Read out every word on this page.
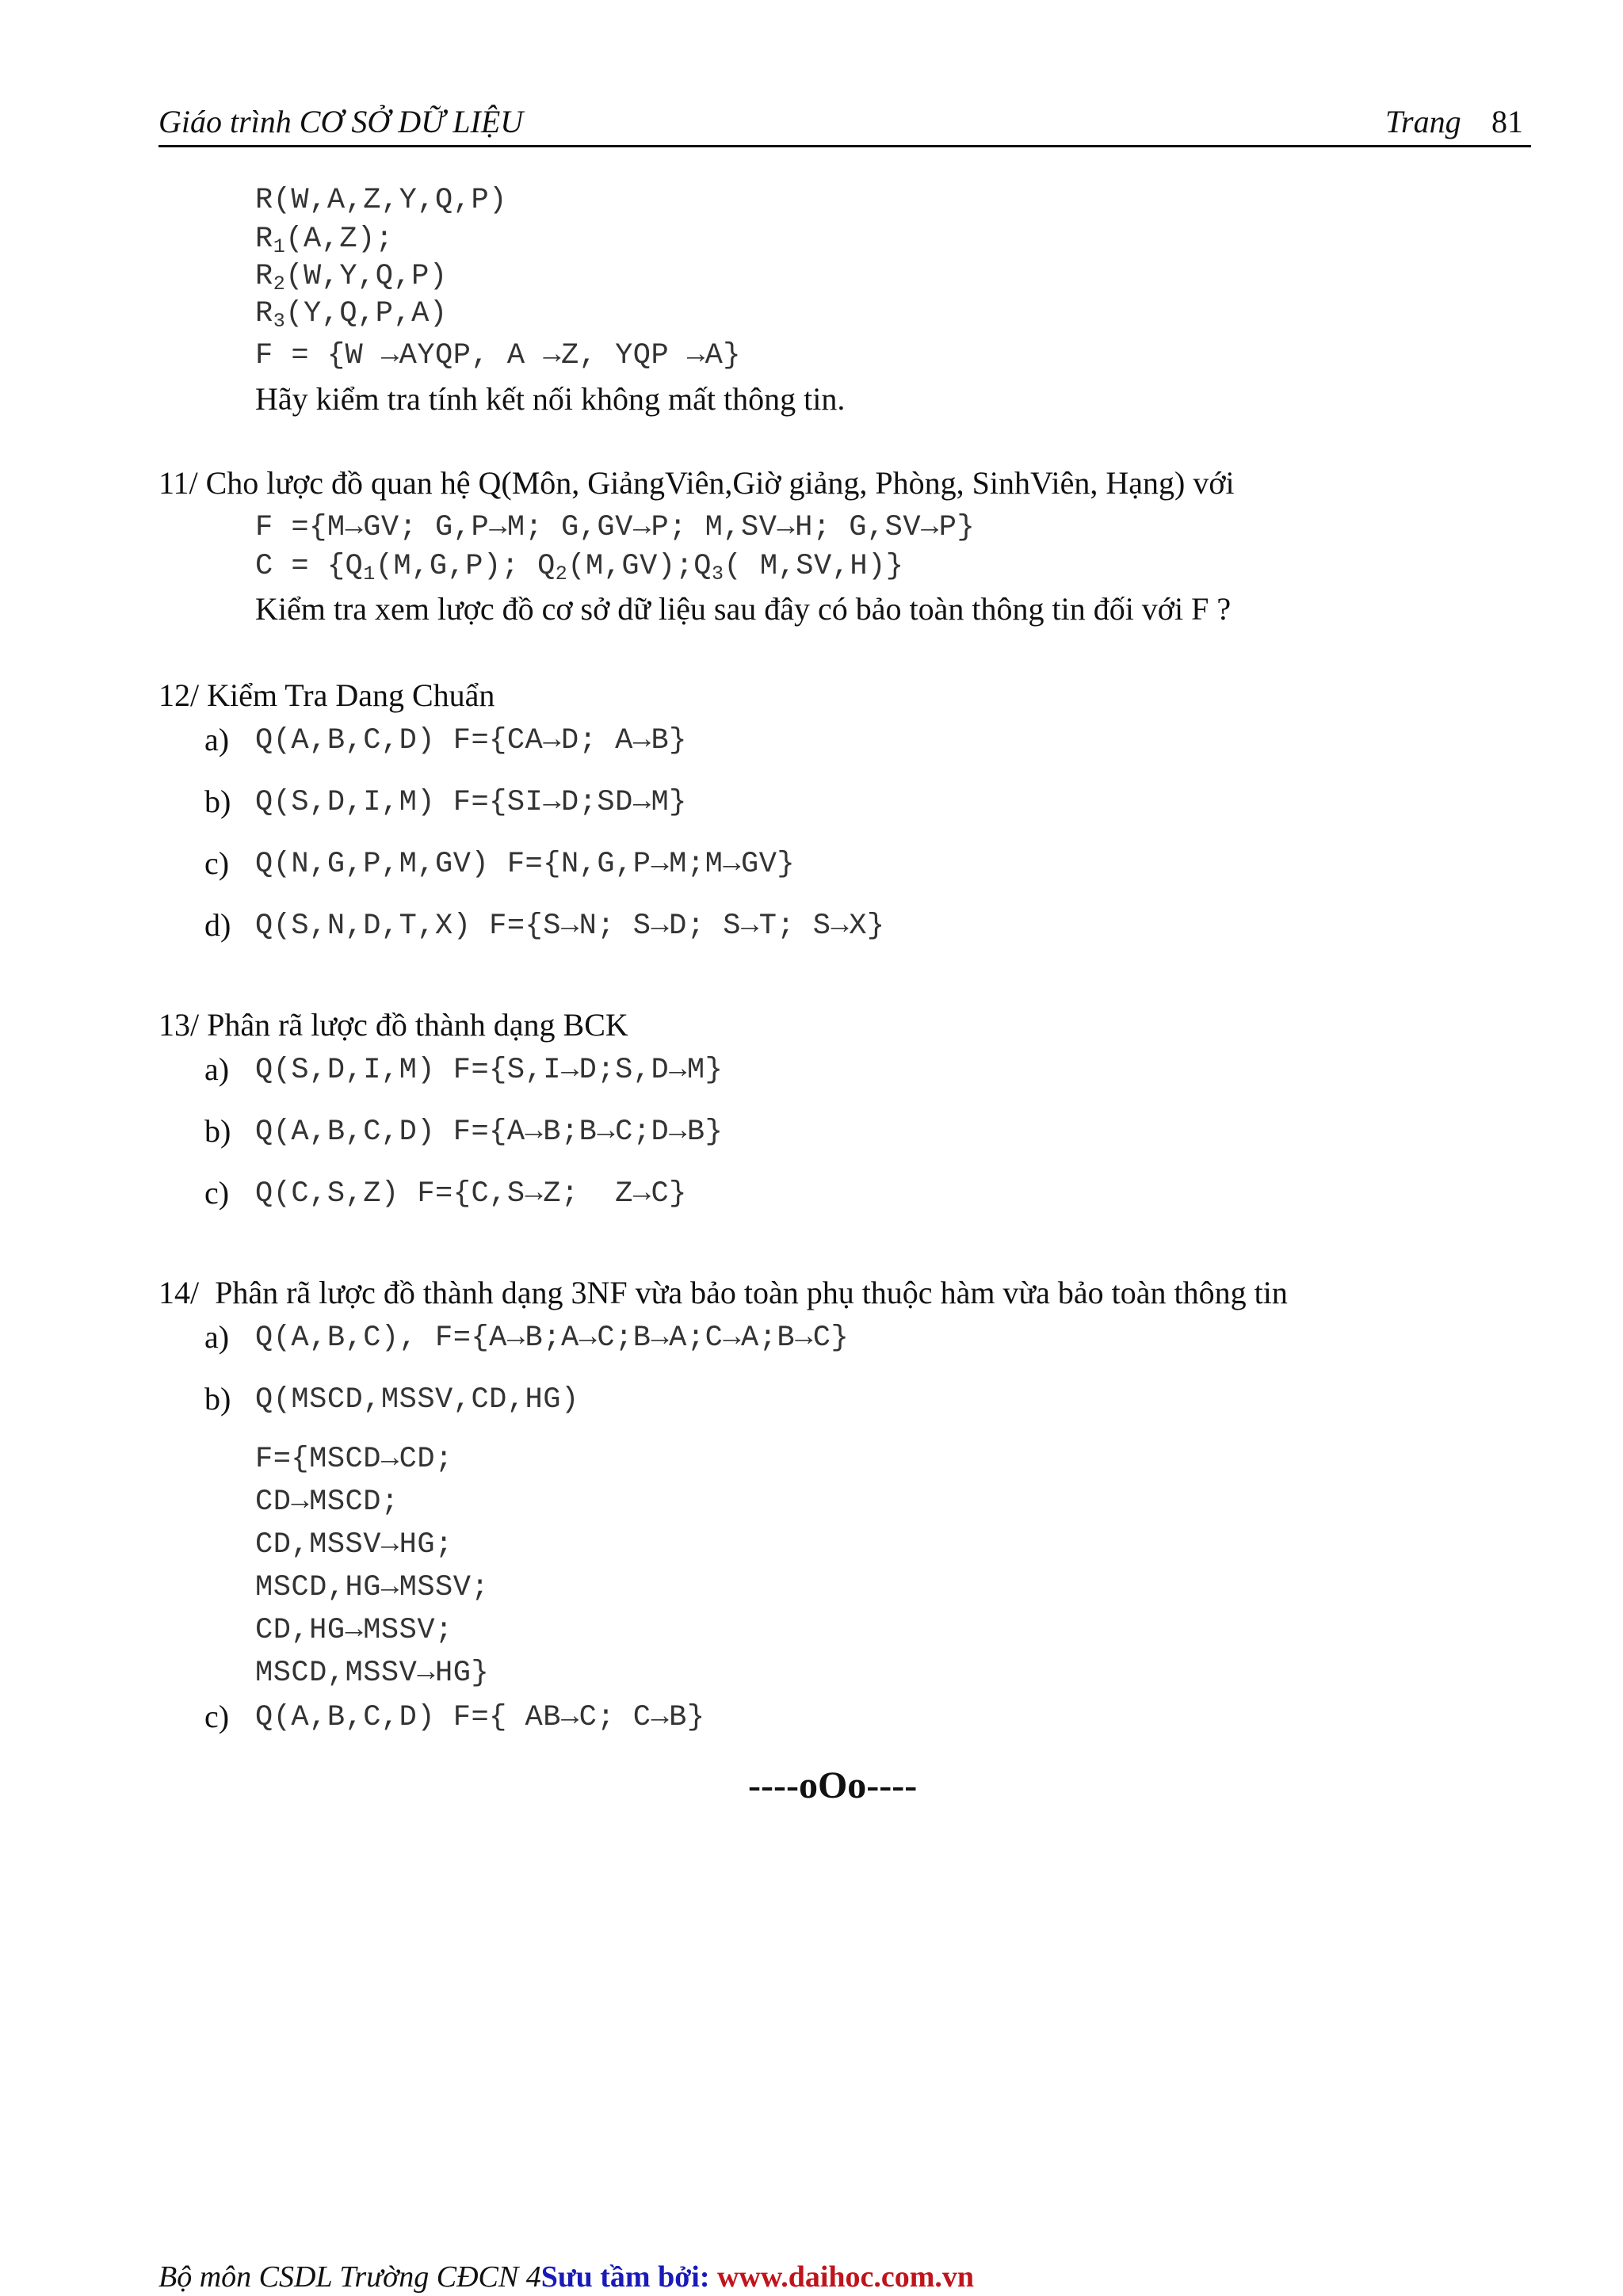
Giáo trình CƠ SỞ DỮ LIỆU	Trang 81
R(W,A,Z,Y,Q,P)
$R_1(A,Z)$;
$R_2(W,Y,Q,P)$
$R_3(Y,Q,P,A)$
F = {W →AYQP, A →Z, YQP →A}
Hãy kiểm tra tính kết nối không mất thông tin.
11/ Cho lược đồ quan hệ Q(Môn, GiảngViên,Giờ giảng, Phòng, SinhViên, Hạng) với
F ={M→GV; G,P→M; G,GV→P; M,SV→H; G,SV→P}
$C = \{Q_1(M,G,P)$; $Q_2(M,GV);Q_3$( M,SV,H)}
Kiểm tra xem lược đồ cơ sở dữ liệu sau đây có bảo toàn thông tin đối với F ?
12/ Kiểm Tra Dang Chuẩn
a) Q(A,B,C,D) F={CA→D; A→B}
b) Q(S,D,I,M) F={SI→D;SD→M}
c) Q(N,G,P,M,GV) F={N,G,P→M;M→GV}
d) Q(S,N,D,T,X) F={S→N; S→D; S→T; S→X}
13/ Phân rã lược đồ thành dạng BCK
a) Q(S,D,I,M) F={S,I→D;S,D→M}
b) Q(A,B,C,D) F={A→B;B→C;D→B}
c) Q(C,S,Z) F={C,S→Z;  Z→C}
14/  Phân rã lược đồ thành dạng 3NF vừa bảo toàn phụ thuộc hàm vừa bảo toàn thông tin
a) Q(A,B,C), F={A→B;A→C;B→A;C→A;B→C}
b) Q(MSCD,MSSV,CD,HG)
F={MSCD→CD;
CD→MSCD;
CD,MSSV→HG;
MSCD,HG→MSSV;
CD,HG→MSSV;
MSCD,MSSV→HG}
c) Q(A,B,C,D) F={ AB→C; C→B}
----oOo----
Bộ môn CSDL Trường CĐCN 4Sưu tầm bởi: www.daihoc.com.vn
